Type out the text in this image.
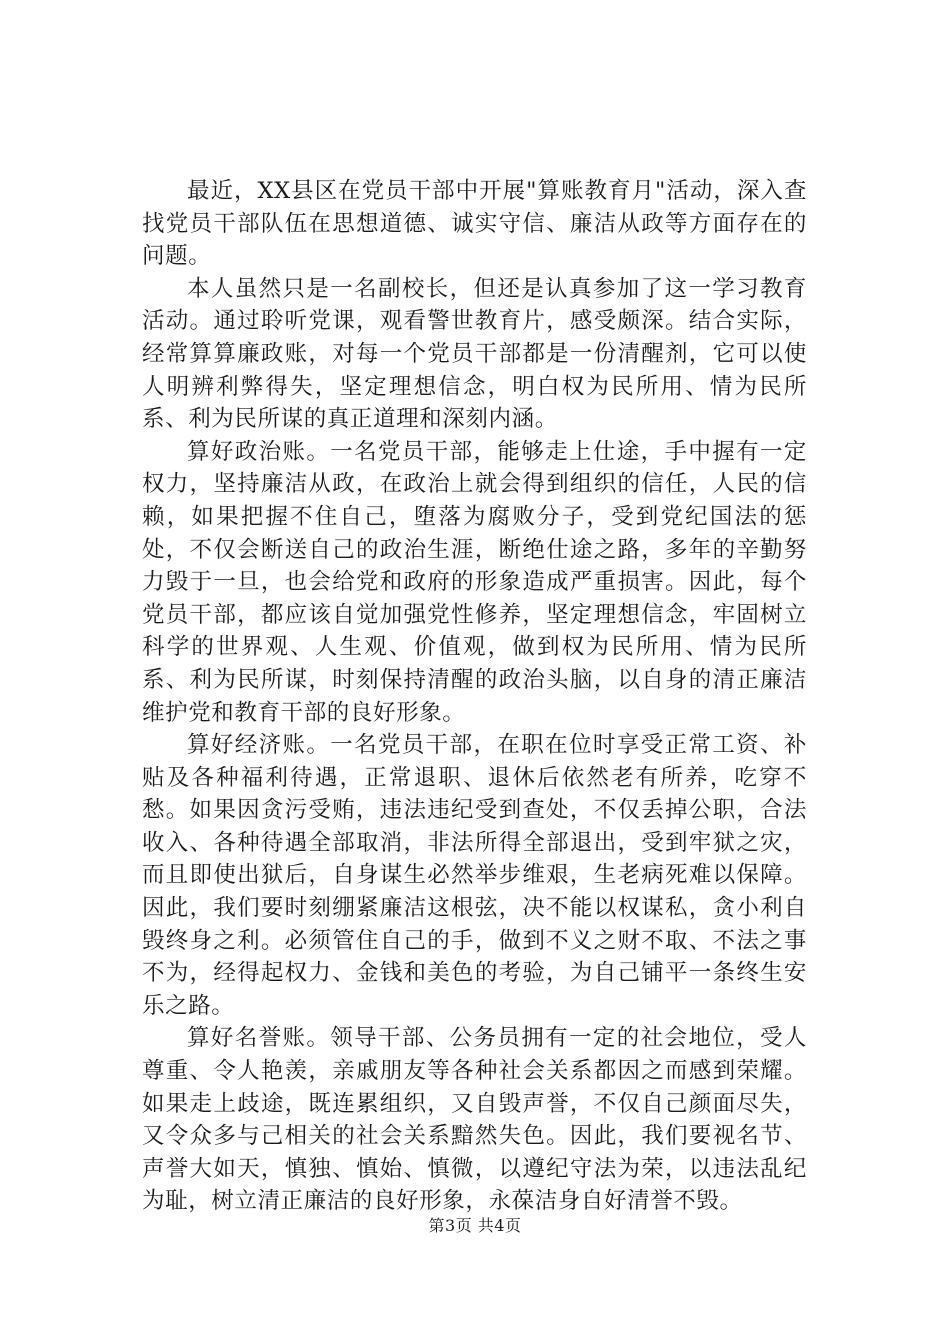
最近，XX县区在党员干部中开展"算账教育月"活动，深入查找党员干部队伍在思想道德、诚实守信、廉洁从政等方面存在的问题。

本人虽然只是一名副校长，但还是认真参加了这一学习教育活动。通过聆听党课，观看警世教育片，感受颇深。结合实际，经常算算廉政账，对每一个党员干部都是一份清醒剂，它可以使人明辨利弊得失，坚定理想信念，明白权为民所用、情为民所系、利为民所谋的真正道理和深刻内涵。

算好政治账。一名党员干部，能够走上仕途，手中握有一定权力，坚持廉洁从政，在政治上就会得到组织的信任，人民的信赖，如果把握不住自己，堕落为腐败分子，受到党纪国法的惩处，不仅会断送自己的政治生涯，断绝仕途之路，多年的辛勤努力毁于一旦，也会给党和政府的形象造成严重损害。因此，每个党员干部，都应该自觉加强党性修养，坚定理想信念，牢固树立科学的世界观、人生观、价值观，做到权为民所用、情为民所系、利为民所谋，时刻保持清醒的政治头脑，以自身的清正廉洁维护党和教育干部的良好形象。

算好经济账。一名党员干部，在职在位时享受正常工资、补贴及各种福利待遇，正常退职、退休后依然老有所养，吃穿不愁。如果因贪污受贿，违法违纪受到查处，不仅丢掉公职，合法收入、各种待遇全部取消，非法所得全部退出，受到牢狱之灾，而且即使出狱后，自身谋生必然举步维艰，生老病死难以保障。因此，我们要时刻绷紧廉洁这根弦，决不能以权谋私，贪小利自毁终身之利。必须管住自己的手，做到不义之财不取、不法之事不为，经得起权力、金钱和美色的考验，为自己铺平一条终生安乐之路。

算好名誉账。领导干部、公务员拥有一定的社会地位，受人尊重、令人艳羡，亲戚朋友等各种社会关系都因之而感到荣耀。如果走上歧途，既连累组织，又自毁声誉，不仅自己颜面尽失，又令众多与己相关的社会关系黯然失色。因此，我们要视名节、声誉大如天，慎独、慎始、慎微，以遵纪守法为荣，以违法乱纪为耻，树立清正廉洁的良好形象，永葆洁身自好清誉不毁。

第3页 共4页
